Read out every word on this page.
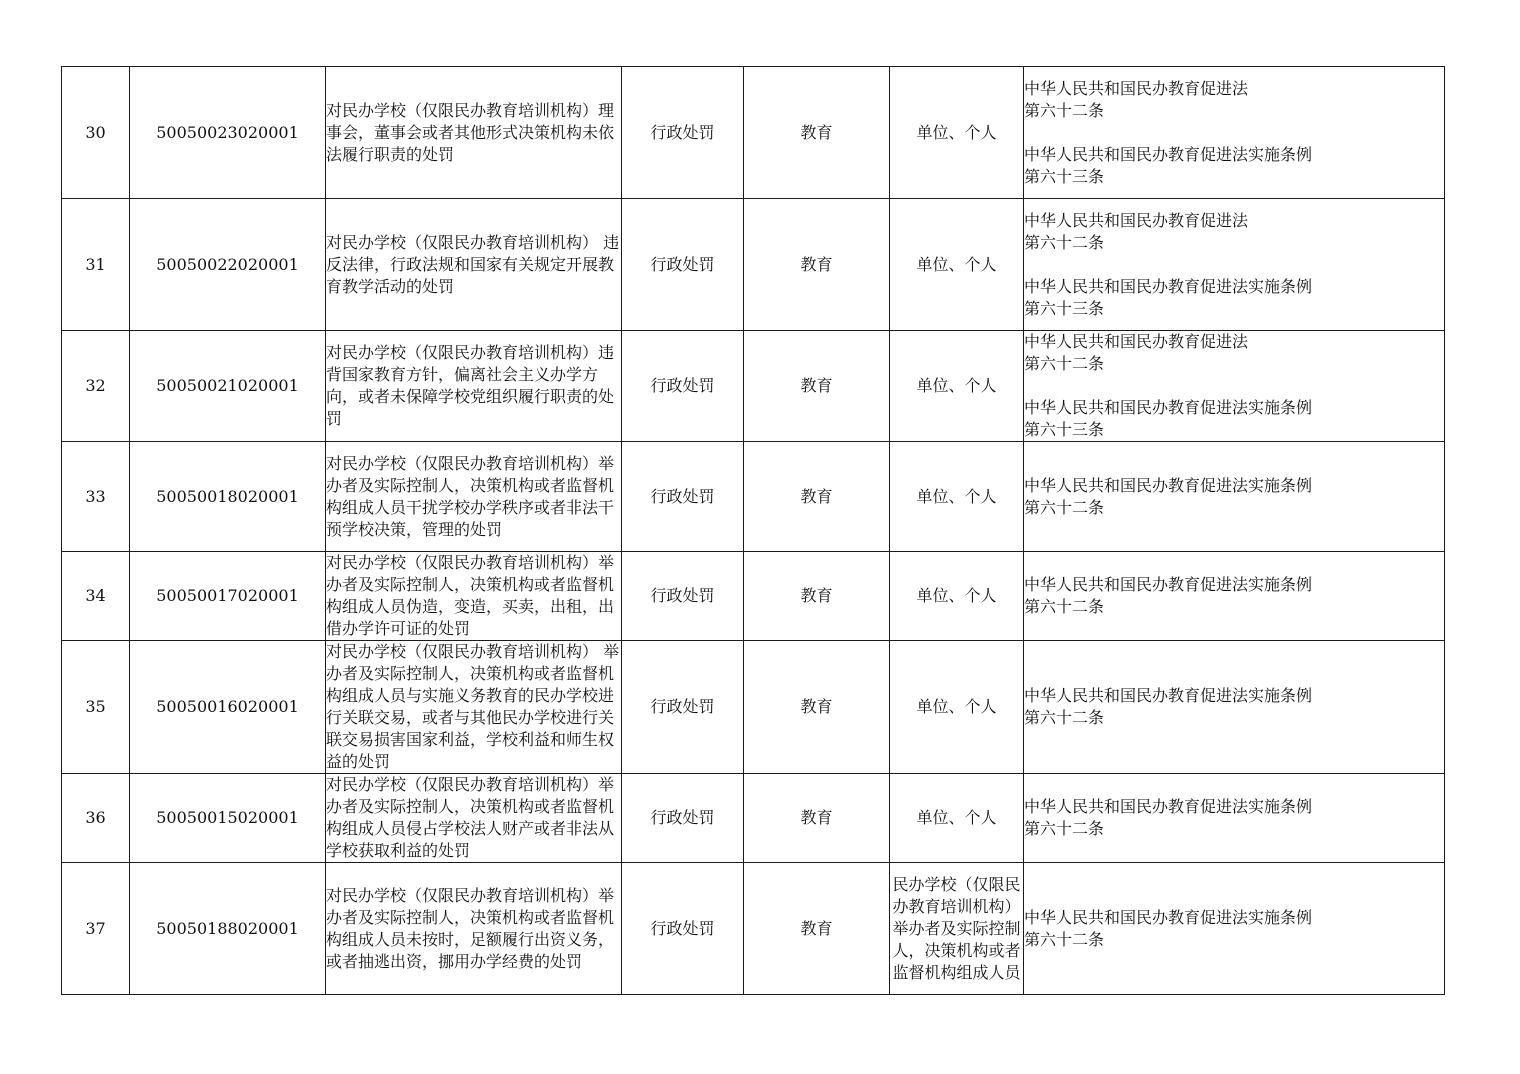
30	50050023020001	对民办学校（仅限民办教育培训机构）理事会，董事会或者其他形式决策机构未依法履行职责的处罚	行政处罚	教育	单位、个人	中华人民共和国民办教育促进法
第六十二条

中华人民共和国民办教育促进法实施条例
第六十三条
31	50050022020001	对民办学校（仅限民办教育培训机构） 违反法律，行政法规和国家有关规定开展教育教学活动的处罚	行政处罚	教育	单位、个人	中华人民共和国民办教育促进法
第六十二条

中华人民共和国民办教育促进法实施条例
第六十三条
32	50050021020001	对民办学校（仅限民办教育培训机构）违背国家教育方针，偏离社会主义办学方向，或者未保障学校党组织履行职责的处罚	行政处罚	教育	单位、个人	中华人民共和国民办教育促进法
第六十二条

中华人民共和国民办教育促进法实施条例
第六十三条
33	50050018020001	对民办学校（仅限民办教育培训机构）举办者及实际控制人，决策机构或者监督机构组成人员干扰学校办学秩序或者非法干预学校决策，管理的处罚	行政处罚	教育	单位、个人	中华人民共和国民办教育促进法实施条例
第六十二条
34	50050017020001	对民办学校（仅限民办教育培训机构）举办者及实际控制人，决策机构或者监督机构组成人员伪造，变造，买卖，出租，出借办学许可证的处罚	行政处罚	教育	单位、个人	中华人民共和国民办教育促进法实施条例
第六十二条
35	50050016020001	对民办学校（仅限民办教育培训机构） 举办者及实际控制人，决策机构或者监督机构组成人员与实施义务教育的民办学校进行关联交易，或者与其他民办学校进行关联交易损害国家利益，学校利益和师生权益的处罚	行政处罚	教育	单位、个人	中华人民共和国民办教育促进法实施条例
第六十二条
36	50050015020001	对民办学校（仅限民办教育培训机构）举办者及实际控制人，决策机构或者监督机构组成人员侵占学校法人财产或者非法从学校获取利益的处罚	行政处罚	教育	单位、个人	中华人民共和国民办教育促进法实施条例
第六十二条
37	50050188020001	对民办学校（仅限民办教育培训机构）举办者及实际控制人，决策机构或者监督机构组成人员未按时，足额履行出资义务，或者抽逃出资，挪用办学经费的处罚	行政处罚	教育	民办学校（仅限民办教育培训机构）举办者及实际控制人，决策机构或者监督机构组成人员	中华人民共和国民办教育促进法实施条例
第六十二条
